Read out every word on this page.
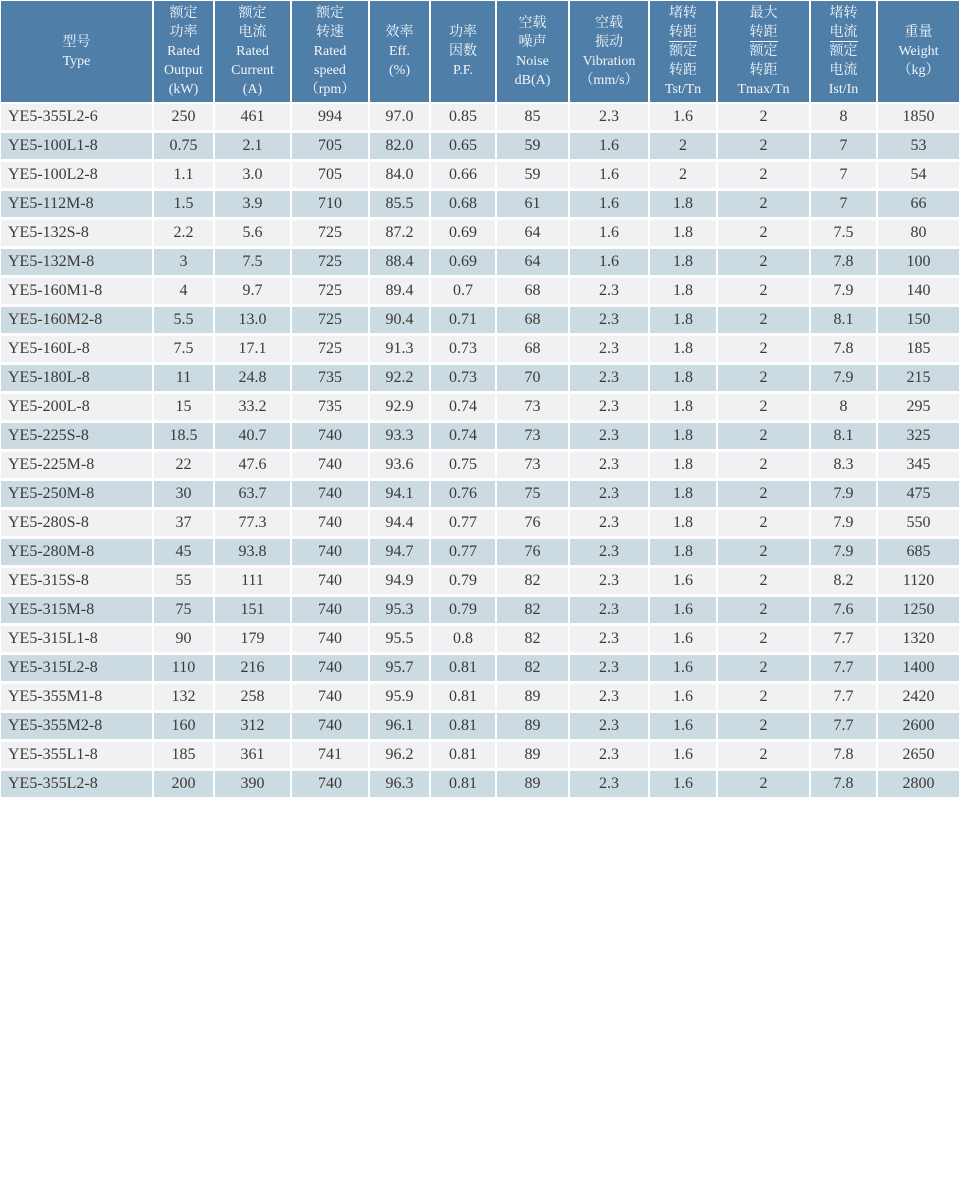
型号
Type	额定
功率
Rated
Output
(kW)	额定
电流
Rated
Current
(A)	额定
转速
Rated
speed
（rpm）	效率
Eff.
(%)	功率
因数
P.F.	空载
噪声
Noise
dB(A)	空载
振动
Vibration
（mm/s）	堵转
转距
额定
转距
Tst/Tn	最大
转距
额定
转距
Tmax/Tn	堵转
电流
额定
电流
Ist/In	重量
Weight
（kg）

YE5-355L2-6	250	461	994	97.0	0.85	85	2.3	1.6	2	8	1850
YE5-100L1-8	0.75	2.1	705	82.0	0.65	59	1.6	2	2	7	53
YE5-100L2-8	1.1	3.0	705	84.0	0.66	59	1.6	2	2	7	54
YE5-112M-8	1.5	3.9	710	85.5	0.68	61	1.6	1.8	2	7	66
YE5-132S-8	2.2	5.6	725	87.2	0.69	64	1.6	1.8	2	7.5	80
YE5-132M-8	3	7.5	725	88.4	0.69	64	1.6	1.8	2	7.8	100
YE5-160M1-8	4	9.7	725	89.4	0.7	68	2.3	1.8	2	7.9	140
YE5-160M2-8	5.5	13.0	725	90.4	0.71	68	2.3	1.8	2	8.1	150
YE5-160L-8	7.5	17.1	725	91.3	0.73	68	2.3	1.8	2	7.8	185
YE5-180L-8	11	24.8	735	92.2	0.73	70	2.3	1.8	2	7.9	215
YE5-200L-8	15	33.2	735	92.9	0.74	73	2.3	1.8	2	8	295
YE5-225S-8	18.5	40.7	740	93.3	0.74	73	2.3	1.8	2	8.1	325
YE5-225M-8	22	47.6	740	93.6	0.75	73	2.3	1.8	2	8.3	345
YE5-250M-8	30	63.7	740	94.1	0.76	75	2.3	1.8	2	7.9	475
YE5-280S-8	37	77.3	740	94.4	0.77	76	2.3	1.8	2	7.9	550
YE5-280M-8	45	93.8	740	94.7	0.77	76	2.3	1.8	2	7.9	685
YE5-315S-8	55	111	740	94.9	0.79	82	2.3	1.6	2	8.2	1120
YE5-315M-8	75	151	740	95.3	0.79	82	2.3	1.6	2	7.6	1250
YE5-315L1-8	90	179	740	95.5	0.8	82	2.3	1.6	2	7.7	1320
YE5-315L2-8	110	216	740	95.7	0.81	82	2.3	1.6	2	7.7	1400
YE5-355M1-8	132	258	740	95.9	0.81	89	2.3	1.6	2	7.7	2420
YE5-355M2-8	160	312	740	96.1	0.81	89	2.3	1.6	2	7.7	2600
YE5-355L1-8	185	361	741	96.2	0.81	89	2.3	1.6	2	7.8	2650
YE5-355L2-8	200	390	740	96.3	0.81	89	2.3	1.6	2	7.8	2800
